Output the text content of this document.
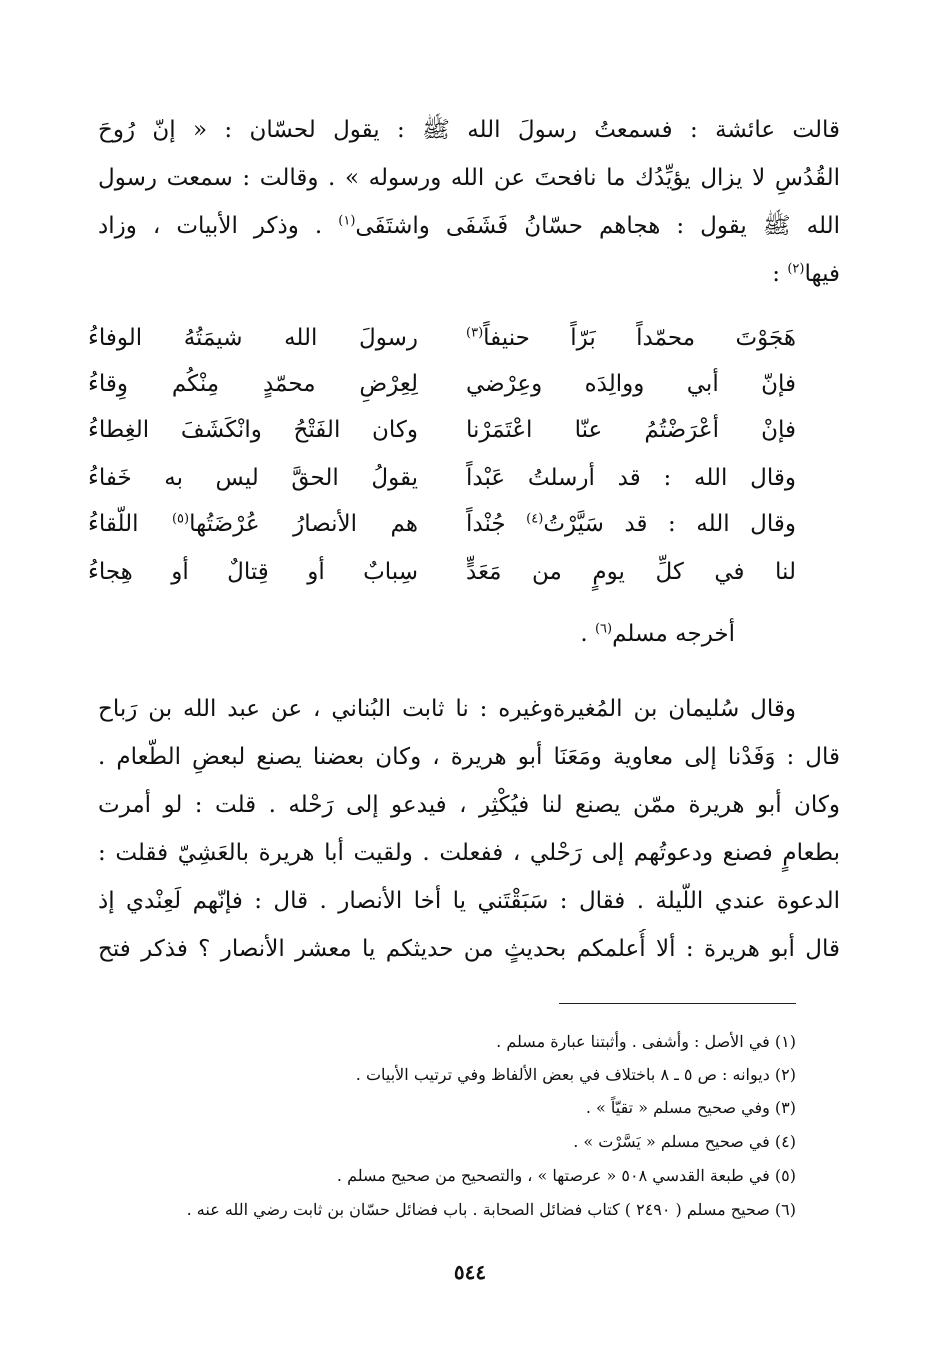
قالت عائشة : فسمعتُ رسولَ الله ﷺ : يقول لحسّان : « إنّ رُوحَ
القُدُسِ لا يزال يؤيِّدُك ما نافحتَ عن الله ورسوله » . وقالت : سمعت رسول
الله ﷺ يقول : هجاهم حسّانُ فَشَفَى واشتَفَى$^{(١)}$ . وذكر الأبيات ، وزاد
فيها$^{(٢)}$ :
هَجَوْتَ محمّداً بَرّاً حنيفاً$^{(٣)}$
رسولَ الله شيمَتُهُ الوفاءُ
فإنّ أبي ووالِدَه وعِرْضي
لِعِرْضِ محمّدٍ مِنْكُم وِقاءُ
فإنْ أعْرَضْتُمُ عنّا اعْتَمَرْنا
وكان الفَتْحُ وانْكَشَفَ الغِطاءُ
وقال الله : قد أرسلتُ عَبْداً
يقولُ الحقَّ ليس به خَفاءُ
وقال الله : قد سَيَّرْتُ$^{(٤)}$ جُنْداً
هم الأنصارُ عُرْضَتُها$^{(٥)}$ اللّقاءُ
لنا في كلِّ يومٍ من مَعَدٍّ
سِبابٌ أو قِتالٌ أو هِجاءُ
أخرجه مسلم$^{(٦)}$ .
وقال سُليمان بن المُغيرةوغيره : نا ثابت البُناني ، عن عبد الله بن رَباح
قال : وَفَدْنا إلى معاوية ومَعَنَا أبو هريرة ، وكان بعضنا يصنع لبعضِ الطّعام .
وكان أبو هريرة ممّن يصنع لنا فيُكْثِر ، فيدعو إلى رَحْله . قلت : لو أمرت
بطعامٍ فصنع ودعوتُهم إلى رَحْلي ، ففعلت . ولقيت أبا هريرة بالعَشِيّ فقلت :
الدعوة عندي اللّيلة . فقال : سَبَقْتَني يا أخا الأنصار . قال : فإنّهم لَعِنْدي إذ
قال أبو هريرة : ألا أُعلمكم بحديثٍ من حديثكم يا معشر الأنصار ؟ فذكر فتح
(١) في الأصل : وأشفى . وأثبتنا عبارة مسلم .
(٢) ديوانه : ص ٥ ـ ٨ باختلاف في بعض الألفاظ وفي ترتيب الأبيات .
(٣) وفي صحيح مسلم « تقيّاً » .
(٤) في صحيح مسلم « يَسَّرْت » .
(٥) في طبعة القدسي ٥٠٨ « عرصتها » ، والتصحيح من صحيح مسلم .
(٦) صحيح مسلم ( ٢٤٩٠ ) كتاب فضائل الصحابة . باب فضائل حسّان بن ثابت رضي الله عنه .
٥٤٤
